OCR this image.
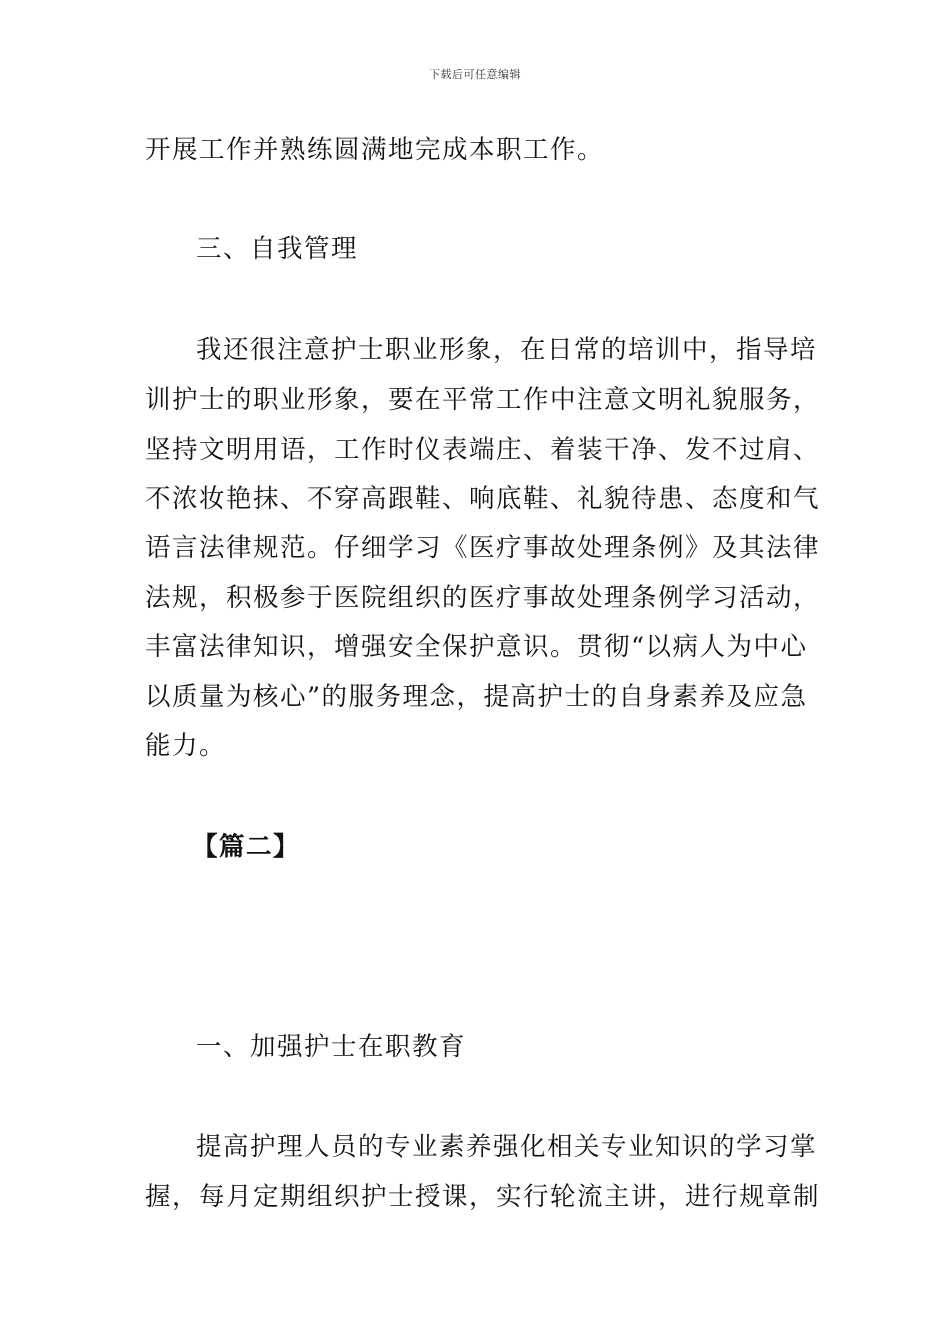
下载后可任意编辑
开展工作并熟练圆满地完成本职工作。
三、自我管理
我还很注意护士职业形象，在日常的培训中，指导培
训护士的职业形象，要在平常工作中注意文明礼貌服务，
坚持文明用语，工作时仪表端庄、着装干净、发不过肩、
不浓妆艳抹、不穿高跟鞋、响底鞋、礼貌待患、态度和气
语言法律规范。仔细学习《医疗事故处理条例》及其法律
法规，积极参于医院组织的医疗事故处理条例学习活动，
丰富法律知识，增强安全保护意识。贯彻“以病人为中心
以质量为核心”的服务理念，提高护士的自身素养及应急
能力。
【篇二】
一、加强护士在职教育
提高护理人员的专业素养强化相关专业知识的学习掌
握，每月定期组织护士授课，实行轮流主讲，进行规章制
